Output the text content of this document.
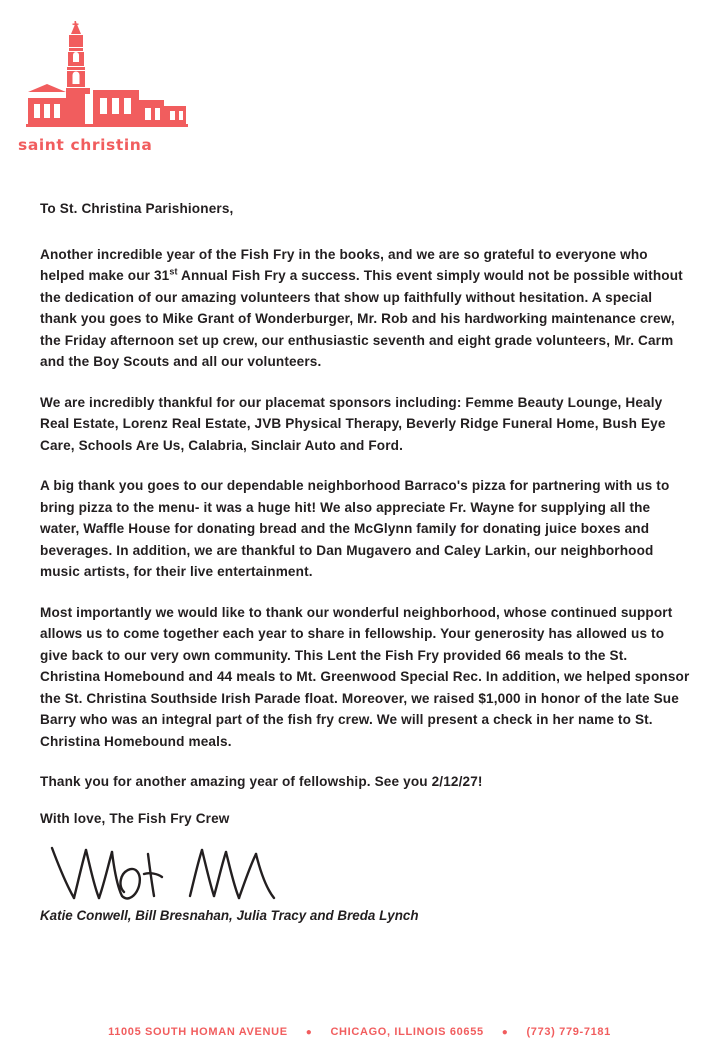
saint christina

To St. Christina Parishioners,

Another incredible year of the Fish Fry in the books, and we are so grateful to everyone who helped make our 31st Annual Fish Fry a success. This event simply would not be possible without the dedication of our amazing volunteers that show up faithfully without hesitation. A special thank you goes to Mike Grant of Wonderburger, Mr. Rob and his hardworking maintenance crew, the Friday afternoon set up crew, our enthusiastic seventh and eight grade volunteers, Mr. Carm and the Boy Scouts and all our volunteers.

We are incredibly thankful for our placemat sponsors including: Femme Beauty Lounge, Healy Real Estate, Lorenz Real Estate, JVB Physical Therapy, Beverly Ridge Funeral Home, Bush Eye Care, Schools Are Us, Calabria, Sinclair Auto and Ford.

A big thank you goes to our dependable neighborhood Barraco's pizza for partnering with us to bring pizza to the menu- it was a huge hit! We also appreciate Fr. Wayne for supplying all the water, Waffle House for donating bread and the McGlynn family for donating juice boxes and beverages. In addition, we are thankful to Dan Mugavero and Caley Larkin, our neighborhood music artists, for their live entertainment.

Most importantly we would like to thank our wonderful neighborhood, whose continued support allows us to come together each year to share in fellowship. Your generosity has allowed us to give back to our very own community. This Lent the Fish Fry provided 66 meals to the St. Christina Homebound and 44 meals to Mt. Greenwood Special Rec. In addition, we helped sponsor the St. Christina Southside Irish Parade float. Moreover, we raised $1,000 in honor of the late Sue Barry who was an integral part of the fish fry crew. We will present a check in her name to St. Christina Homebound meals.

Thank you for another amazing year of fellowship. See you 2/12/27!

With love, The Fish Fry Crew

Katie Conwell, Bill Bresnahan, Julia Tracy and Breda Lynch
11005 SOUTH HOMAN AVENUE ● CHICAGO, ILLINOIS 60655 ● (773) 779-7181
